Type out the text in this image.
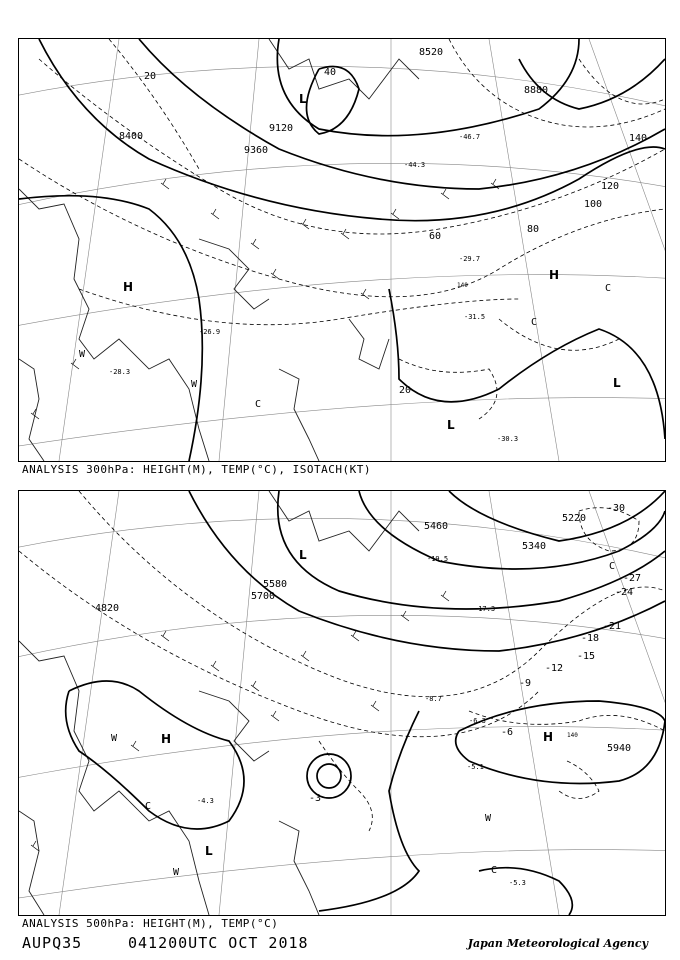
8400
8520
9120
9360
8880
20	40
60
80
100
120
140
20
-31.5
-30.3
-29.7
-28.3
-26.9
-44.3
-46.7
140
L
H
H
L
L
W
W
C
C
C
ANALYSIS 300hPa: HEIGHT(M), TEMP(°C), ISOTACH(KT)
4820
5220
5340
5460
5580
5700
5940
-3
-6
-9
-12
-15
-18
-21
-24
-27
-30
-5.3
-5.1
-6.3
-8.7
-4.3
-19.5
-17.3
140
L
L
H	H
W
W
W
C
C
C
ANALYSIS 500hPa: HEIGHT(M), TEMP(°C)
AUPQ35	041200UTC OCT 2018	Japan Meteorological Agency
